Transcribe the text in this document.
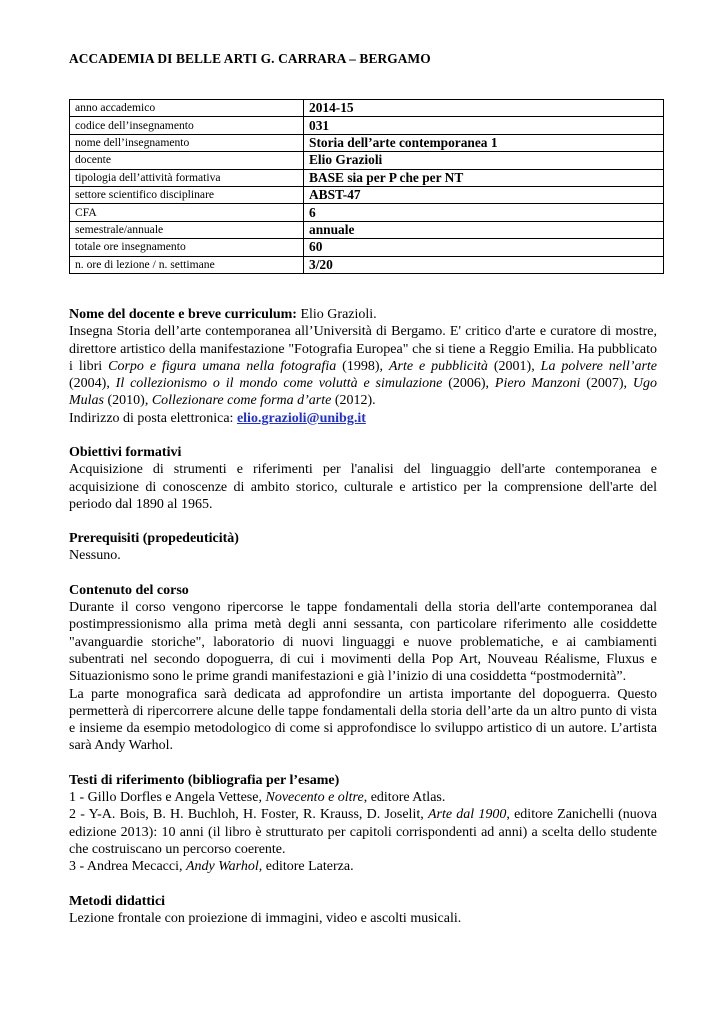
ACCADEMIA DI BELLE ARTI G. CARRARA – BERGAMO

anno accademico	2014-15
codice dell’insegnamento	031
nome dell’insegnamento	Storia dell’arte contemporanea 1
docente	Elio Grazioli
tipologia dell’attività formativa	BASE sia per P che per NT
settore scientifico disciplinare	ABST-47
CFA	6
semestrale/annuale	annuale
totale ore insegnamento	60
n. ore di lezione / n. settimane	3/20

Nome del docente e breve curriculum: Elio Grazioli.

Insegna Storia dell’arte contemporanea all’Università di Bergamo. E' critico d'arte e curatore di mostre, direttore artistico della manifestazione "Fotografia Europea" che si tiene a Reggio Emilia. Ha pubblicato i libri Corpo e figura umana nella fotografia (1998), Arte e pubblicità (2001), La polvere nell’arte (2004), Il collezionismo o il mondo come voluttà e simulazione (2006), Piero Manzoni (2007), Ugo Mulas (2010), Collezionare come forma d’arte (2012).

Indirizzo di posta elettronica: elio.grazioli@unibg.it

Obiettivi formativi

Acquisizione di strumenti e riferimenti per l'analisi del linguaggio dell'arte contemporanea e acquisizione di conoscenze di ambito storico, culturale e artistico per la comprensione dell'arte del periodo dal 1890 al 1965.

Prerequisiti (propedeuticità)

Nessuno.

Contenuto del corso

Durante il corso vengono ripercorse le tappe fondamentali della storia dell'arte contemporanea dal postimpressionismo alla prima metà degli anni sessanta, con particolare riferimento alle cosiddette "avanguardie storiche", laboratorio di nuovi linguaggi e nuove problematiche, e ai cambiamenti subentrati nel secondo dopoguerra, di cui i movimenti della Pop Art, Nouveau Réalisme, Fluxus e Situazionismo sono le prime grandi manifestazioni e già l’inizio di una cosiddetta “postmodernità”.

La parte monografica sarà dedicata ad approfondire un artista importante del dopoguerra. Questo permetterà di ripercorrere alcune delle tappe fondamentali della storia dell’arte da un altro punto di vista e insieme da esempio metodologico di come si approfondisce lo sviluppo artistico di un autore. L’artista sarà Andy Warhol.

Testi di riferimento (bibliografia per l’esame)

1 - Gillo Dorfles e Angela Vettese, Novecento e oltre, editore Atlas.

2 - Y-A. Bois, B. H. Buchloh, H. Foster, R. Krauss, D. Joselit, Arte dal 1900, editore Zanichelli (nuova edizione 2013): 10 anni (il libro è strutturato per capitoli corrispondenti ad anni) a scelta dello studente che costruiscano un percorso coerente.

3 - Andrea Mecacci, Andy Warhol, editore Laterza.

Metodi didattici

Lezione frontale con proiezione di immagini, video e ascolti musicali.
